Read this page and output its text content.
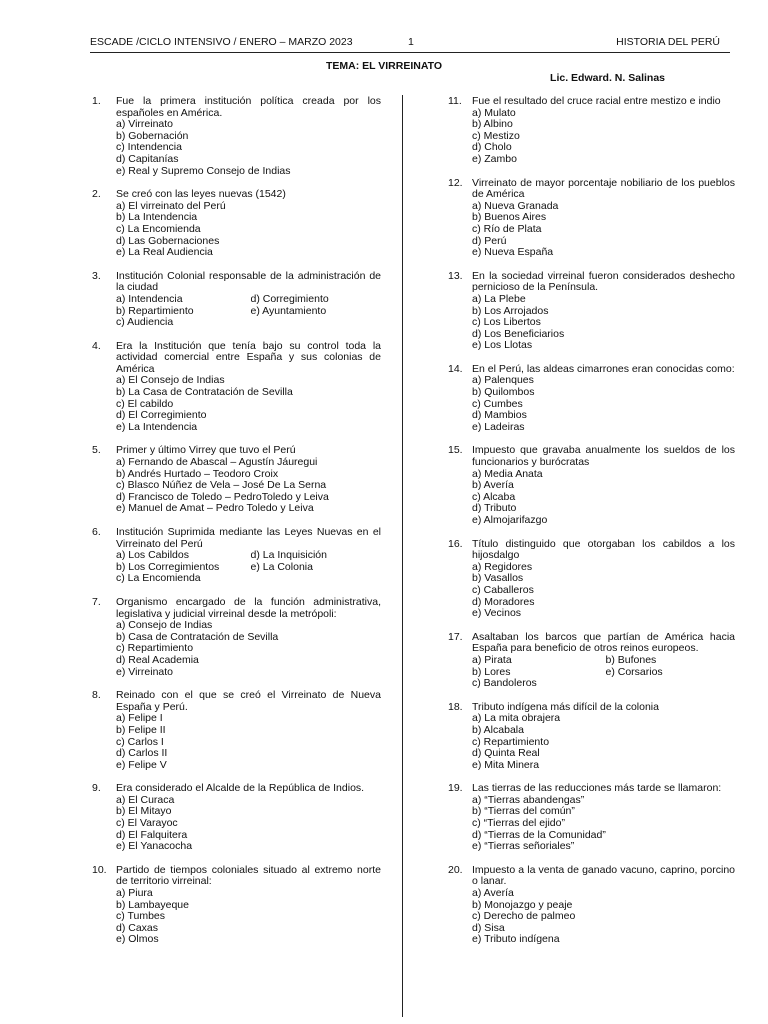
ESCADE /CICLO INTENSIVO / ENERO – MARZO 2023	1	HISTORIA DEL PERÚ
TEMA: EL VIRREINATO
Lic. Edward. N. Salinas
1. Fue la primera institución política creada por los españoles en América.
a) Virreinato
b) Gobernación
c) Intendencia
d) Capitanías
e) Real y Supremo Consejo de Indias
2. Se creó con las leyes nuevas (1542)
a) El virreinato del Perú
b) La Intendencia
c) La Encomienda
d) Las Gobernaciones
e) La Real Audiencia
3. Institución Colonial responsable de la administración de la ciudad
a) Intendencia	d) Corregimiento
b) Repartimiento	e) Ayuntamiento
c) Audiencia
4. Era la Institución que tenía bajo su control toda la actividad comercial entre España y sus colonias de América
a) El Consejo de Indias
b) La Casa de Contratación de Sevilla
c) El cabildo
d) El Corregimiento
e) La Intendencia
5. Primer y último Virrey que tuvo el Perú
a) Fernando de Abascal – Agustín Jáuregui
b) Andrés Hurtado – Teodoro Croix
c) Blasco Núñez de Vela – José De La Serna
d) Francisco de Toledo – PedroToledo y Leiva
e) Manuel de Amat – Pedro Toledo y Leiva
6. Institución Suprimida mediante las Leyes Nuevas en el Virreinato del Perú
a) Los Cabildos	d) La Inquisición
b) Los Corregimientos	e) La Colonia
c) La Encomienda
7. Organismo encargado de la función administrativa, legislativa y judicial virreinal desde la metrópoli:
a) Consejo de Indias
b) Casa de Contratación de Sevilla
c) Repartimiento
d) Real Academia
e) Virreinato
8. Reinado con el que se creó el Virreinato de Nueva España y Perú.
a) Felipe I
b) Felipe II
c) Carlos I
d) Carlos II
e) Felipe V
9. Era considerado el Alcalde de la República de Indios.
a) El Curaca
b) El Mitayo
c) El Varayoc
d) El Falquitera
e) El Yanacocha
10. Partido de tiempos coloniales situado al extremo norte de territorio virreinal:
a) Piura
b) Lambayeque
c) Tumbes
d) Caxas
e) Olmos
11. Fue el resultado del cruce racial entre mestizo e indio
a) Mulato
b) Albino
c) Mestizo
d) Cholo
e) Zambo
12. Virreinato de mayor porcentaje nobiliario de los pueblos de América
a) Nueva Granada
b) Buenos Aires
c) Río de Plata
d) Perú
e) Nueva España
13. En la sociedad virreinal fueron considerados deshecho pernicioso de la Península.
a) La Plebe
b) Los Arrojados
c) Los Libertos
d) Los Beneficiarios
e) Los Llotas
14. En el Perú, las aldeas cimarrones eran conocidas como:
a) Palenques
b) Quilombos
c) Cumbes
d) Mambios
e) Ladeiras
15. Impuesto que gravaba anualmente los sueldos de los funcionarios y burócratas
a) Media Anata
b) Avería
c) Alcaba
d) Tributo
e) Almojarifazgo
16. Título distinguido que otorgaban los cabildos a los hijosdalgo
a) Regidores
b) Vasallos
c) Caballeros
d) Moradores
e) Vecinos
17. Asaltaban los barcos que partían de América hacia España para beneficio de otros reinos europeos.
a) Pirata	b) Bufones
b) Lores	e) Corsarios
c) Bandoleros
18. Tributo indígena más difícil de la colonia
a) La mita obrajera
b) Alcabala
c) Repartimiento
d) Quinta Real
e) Mita Minera
19. Las tierras de las reducciones más tarde se llamaron:
a) “Tierras abandengas”
b) “Tierras del común”
c) “Tierras del ejido”
d) “Tierras de la Comunidad”
e) “Tierras señoriales”
20. Impuesto a la venta de ganado vacuno, caprino, porcino o lanar.
a) Avería
b) Monojazgo y peaje
c) Derecho de palmeo
d) Sisa
e) Tributo indígena
